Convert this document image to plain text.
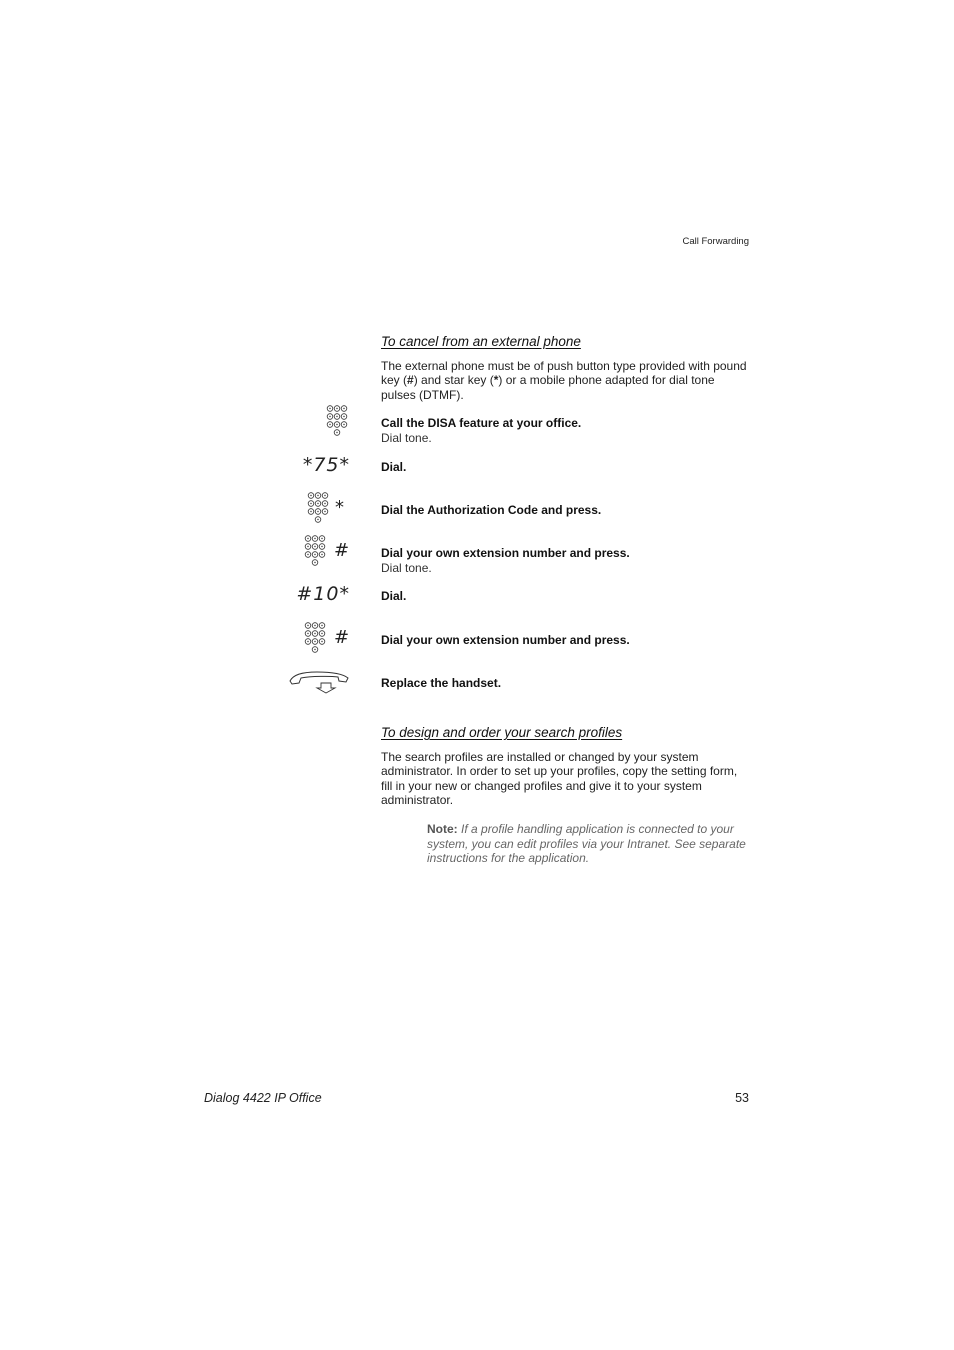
Call Forwarding
To cancel from an external phone
The external phone must be of push button type provided with pound key (#) and star key (*) or a mobile phone adapted for dial tone pulses (DTMF).
Call the DISA feature at your office.
Dial tone.
*75*	Dial.
*	Dial the Authorization Code and press.
#	Dial your own extension number and press.
Dial tone.
#10*	Dial.
#	Dial your own extension number and press.
Replace the handset.
To design and order your search profiles
The search profiles are installed or changed by your system administrator. In order to set up your profiles, copy the setting form, fill in your new or changed profiles and give it to your system administrator.
Note: If a profile handling application is connected to your system, you can edit profiles via your Intranet. See separate instructions for the application.
Dialog 4422 IP Office	53
